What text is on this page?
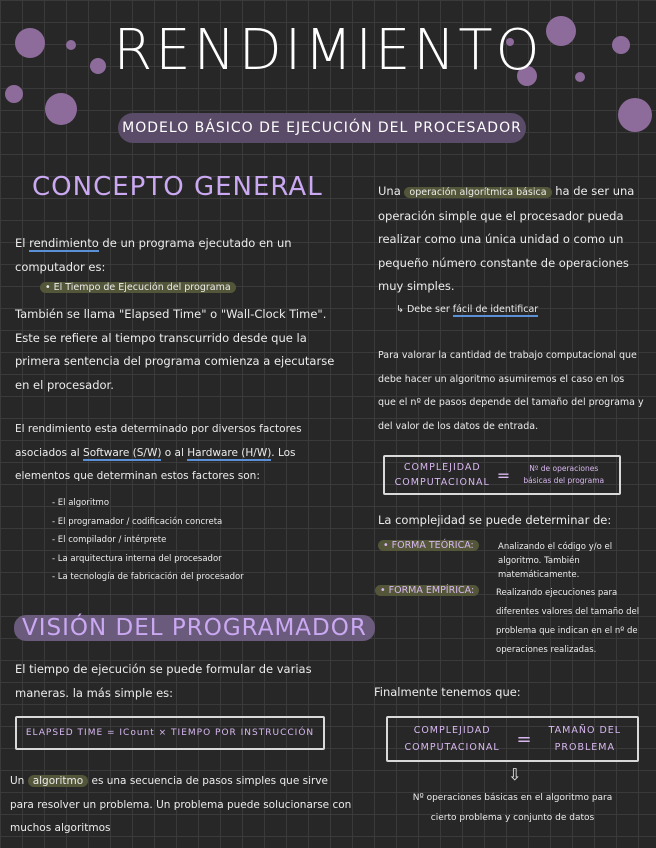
RENDIMIENTO
MODELO BÁSICO DE EJECUCIÓN DEL PROCESADOR
CONCEPTO GENERAL
El rendimiento de un programa ejecutado en un computador es:
• El Tiempo de Ejecución del programa
También se llama "Elapsed Time" o "Wall-Clock Time". Este se refiere al tiempo transcurrido desde que la primera sentencia del programa comienza a ejecutarse en el procesador.
El rendimiento esta determinado por diversos factores asociados al Software (S/W) o al Hardware (H/W). Los elementos que determinan estos factores son:
- El algoritmo
- El programador / codificación concreta
- El compilador / intérprete
- La arquitectura interna del procesador
- La tecnología de fabricación del procesador
VISIÓN DEL PROGRAMADOR
El tiempo de ejecución se puede formular de varias maneras. la más simple es:
ELAPSED TIME = ICount × TIEMPO POR INSTRUCCIÓN
Un algoritmo es una secuencia de pasos simples que sirve para resolver un problema. Un problema puede solucionarse con muchos algoritmos
Una operación algorítmica básica ha de ser una operación simple que el procesador pueda realizar como una única unidad o como un pequeño número constante de operaciones muy simples.
↳ Debe ser fácil de identificar
Para valorar la cantidad de trabajo computacional que debe hacer un algoritmo asumiremos el caso en los que el nº de pasos depende del tamaño del programa y del valor de los datos de entrada.
COMPLEJIDAD COMPUTACIONAL =	Nº de operaciones básicas del programa
La complejidad se puede determinar de:
• FORMA TEÓRICA:	Analizando el código y/o el algoritmo. También matemáticamente.
• FORMA EMPÍRICA:	Realizando ejecuciones para diferentes valores del tamaño del problema que indican en el nº de operaciones realizadas.
Finalmente tenemos que:
COMPLEJIDAD COMPUTACIONAL =	TAMAÑO DEL PROBLEMA
⇩
Nº operaciones básicas en el algoritmo para cierto problema y conjunto de datos
